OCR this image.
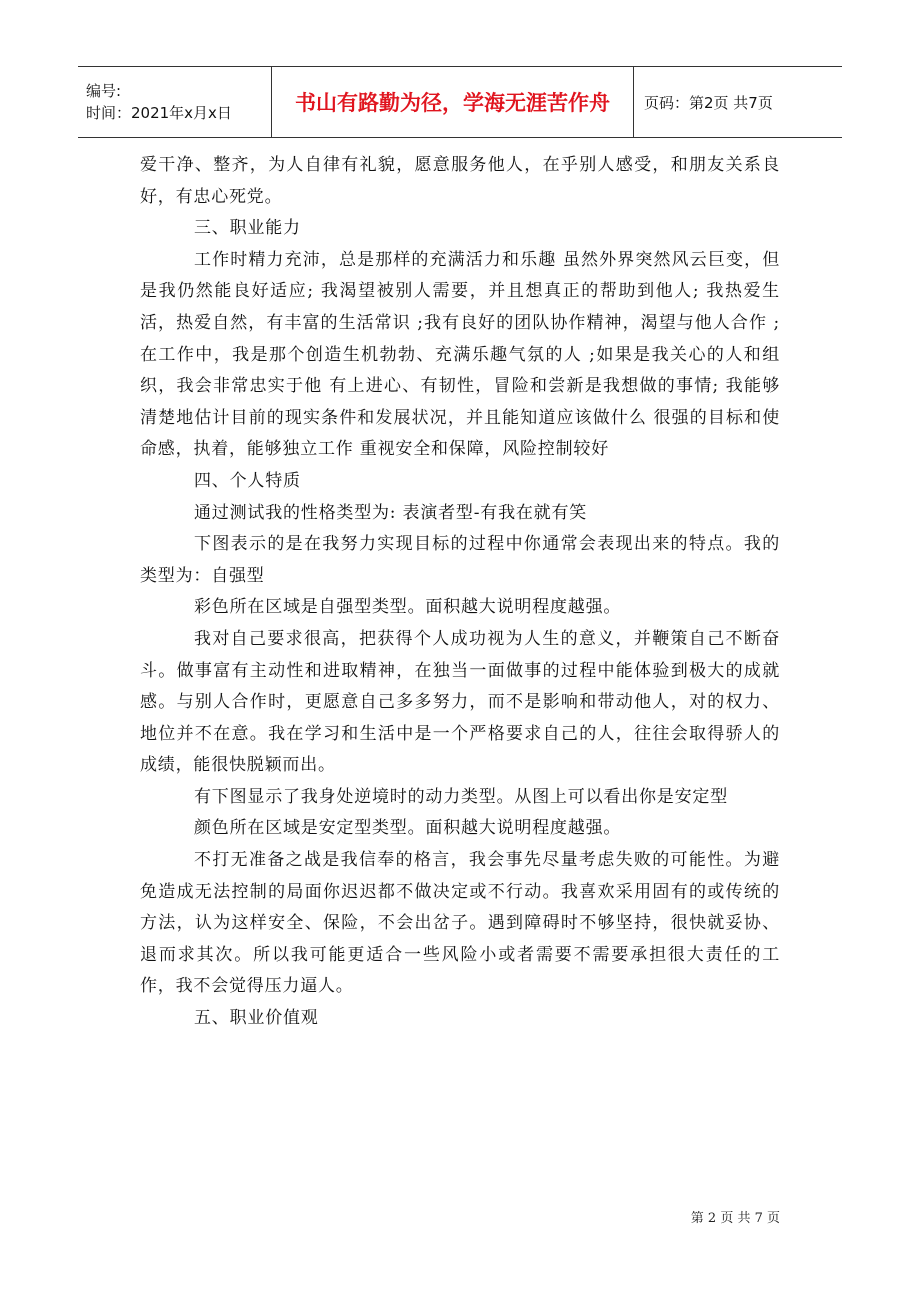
编号:
时间：2021年x月x日	书山有路勤为径，学海无涯苦作舟 页码：第2页 共7页

爱干净、整齐，为人自律有礼貌，愿意服务他人，在乎别人感受，和朋友关系良好，有忠心死党。

三、职业能力

工作时精力充沛，总是那样的充满活力和乐趣 虽然外界突然风云巨变，但是我仍然能良好适应; 我渴望被别人需要，并且想真正的帮助到他人; 我热爱生活，热爱自然，有丰富的生活常识 ;我有良好的团队协作精神，渴望与他人合作 ;在工作中，我是那个创造生机勃勃、充满乐趣气氛的人 ;如果是我关心的人和组织，我会非常忠实于他 有上进心、有韧性，冒险和尝新是我想做的事情; 我能够清楚地估计目前的现实条件和发展状况，并且能知道应该做什么 很强的目标和使命感，执着，能够独立工作 重视安全和保障，风险控制较好

四、个人特质

通过测试我的性格类型为: 表演者型-有我在就有笑

下图表示的是在我努力实现目标的过程中你通常会表现出来的特点。我的类型为：自强型

彩色所在区域是自强型类型。面积越大说明程度越强。

我对自己要求很高，把获得个人成功视为人生的意义，并鞭策自己不断奋斗。做事富有主动性和进取精神，在独当一面做事的过程中能体验到极大的成就感。与别人合作时，更愿意自己多多努力，而不是影响和带动他人，对的权力、地位并不在意。我在学习和生活中是一个严格要求自己的人，往往会取得骄人的成绩，能很快脱颖而出。

有下图显示了我身处逆境时的动力类型。从图上可以看出你是安定型

颜色所在区域是安定型类型。面积越大说明程度越强。

不打无准备之战是我信奉的格言，我会事先尽量考虑失败的可能性。为避免造成无法控制的局面你迟迟都不做决定或不行动。我喜欢采用固有的或传统的方法，认为这样安全、保险，不会出岔子。遇到障碍时不够坚持，很快就妥协、退而求其次。所以我可能更适合一些风险小或者需要不需要承担很大责任的工作，我不会觉得压力逼人。

五、职业价值观

第 2 页 共 7 页
